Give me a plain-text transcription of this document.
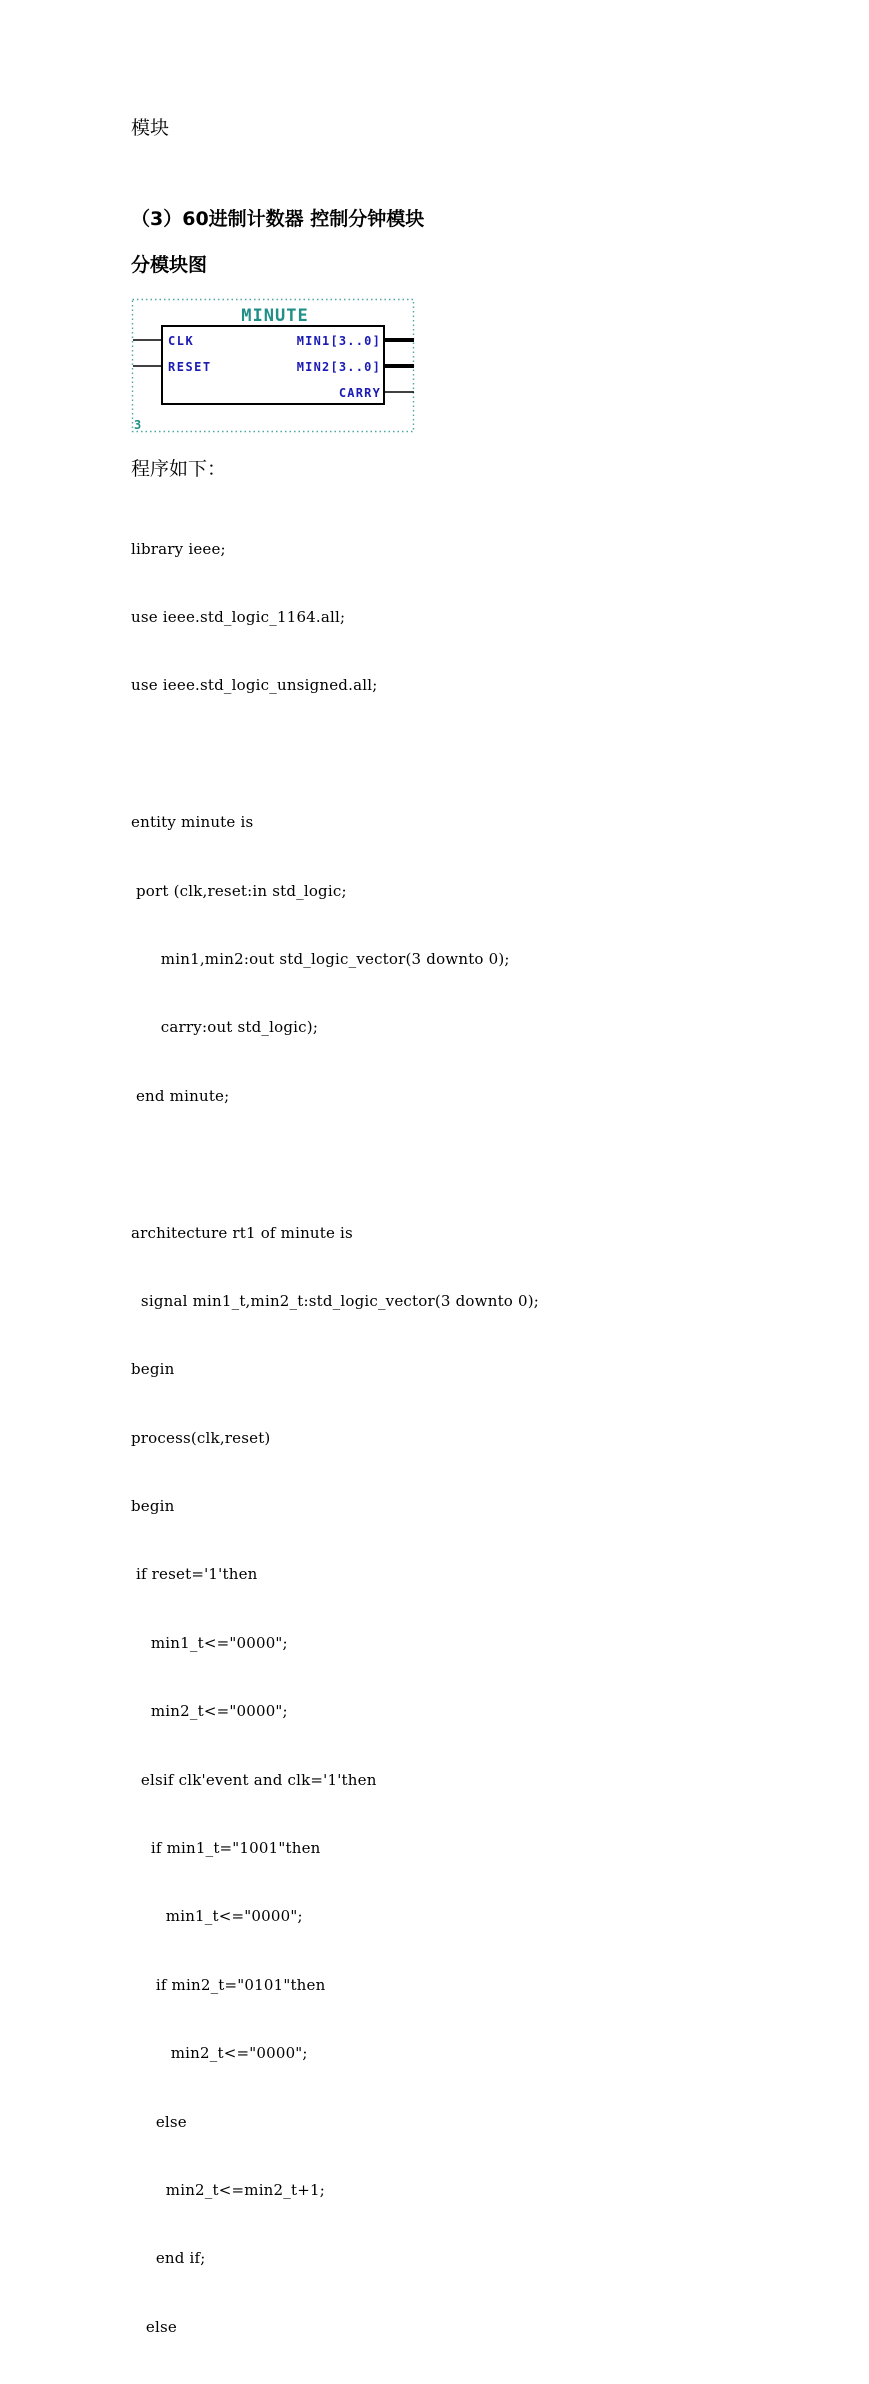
模块
（3）60进制计数器 控制分钟模块
分模块图
MINUTE
CLK
RESET
MIN1[3..0]
MIN2[3..0]
CARRY
3
程序如下：

library ieee;

use ieee.std_logic_1164.all;

use ieee.std_logic_unsigned.all;

entity minute is

port (clk,reset:in std_logic;

min1,min2:out std_logic_vector(3 downto 0);

carry:out std_logic);

end minute;

architecture rt1 of minute is

signal min1_t,min2_t:std_logic_vector(3 downto 0);

begin

process(clk,reset)

begin

if reset='1'then

min1_t<="0000";

min2_t<="0000";

elsif clk'event and clk='1'then

if min1_t="1001"then

min1_t<="0000";

if min2_t="0101"then

min2_t<="0000";

else

min2_t<=min2_t+1;

end if;

else
